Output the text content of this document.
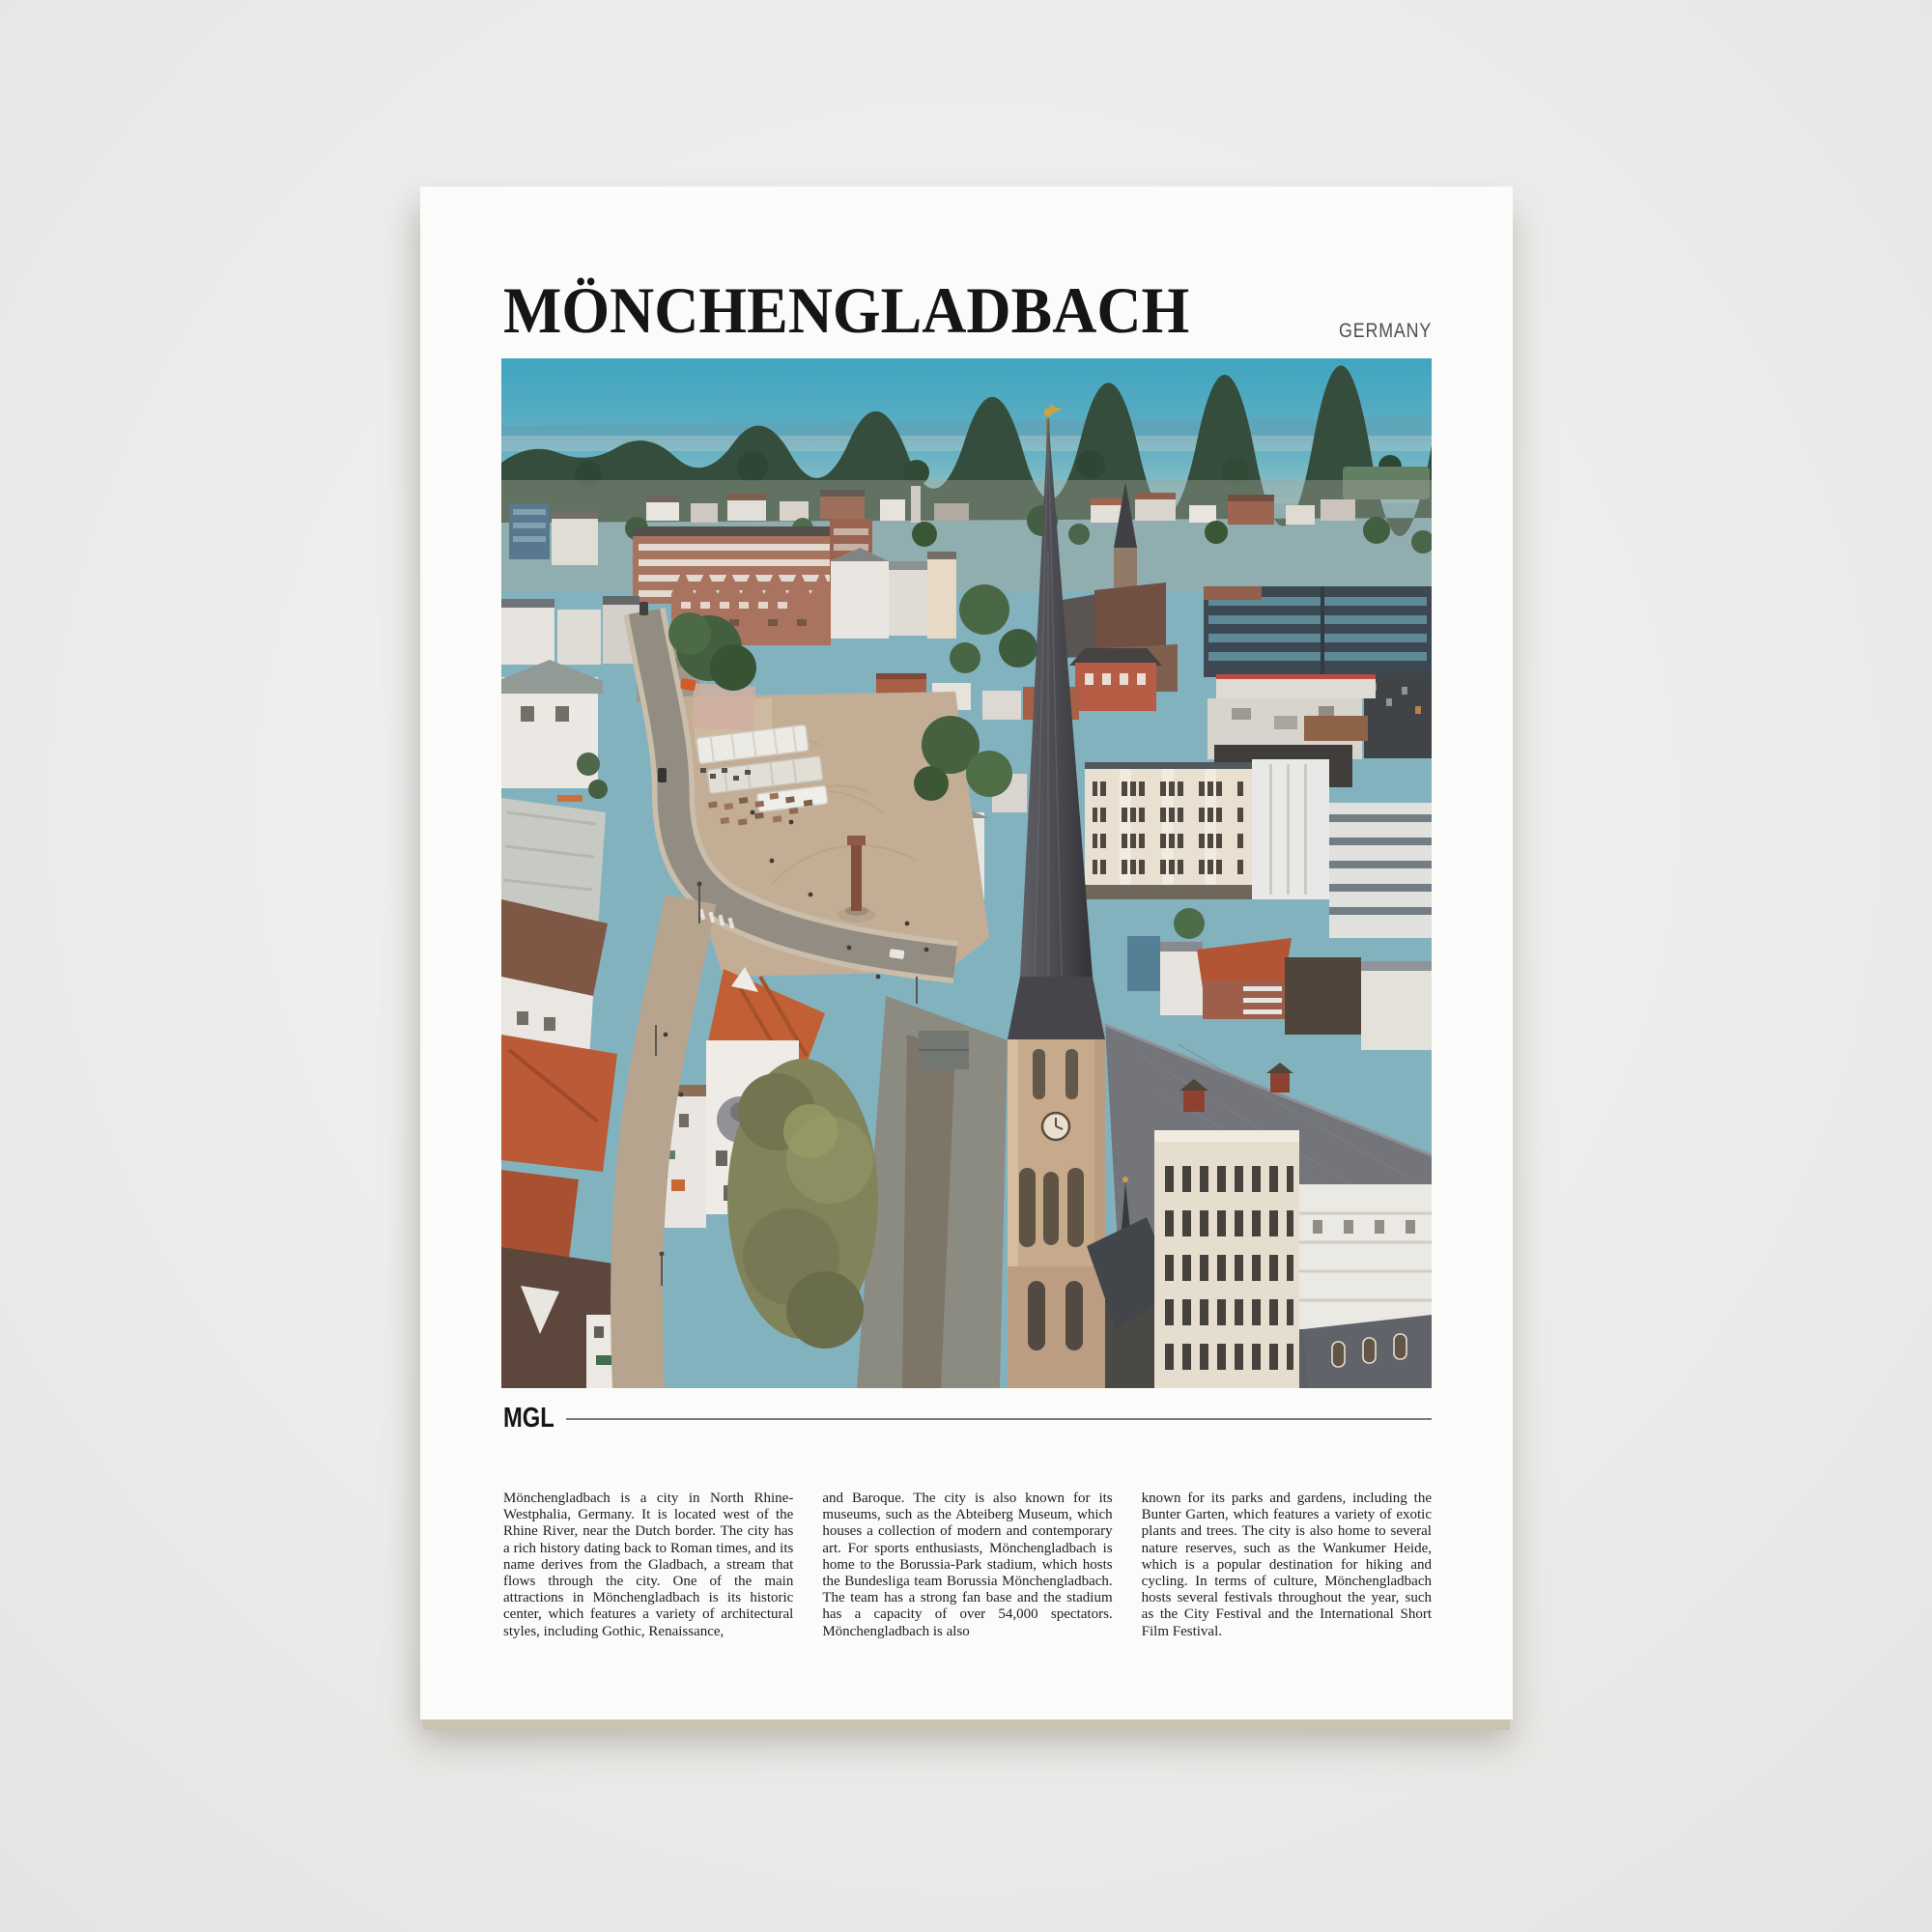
MÖNCHENGLADBACH	GERMANY
MGL

Mönchengladbach is a city in North Rhine-Westphalia, Germany. It is located west of the Rhine River, near the Dutch border. The city has a rich history dating back to Roman times, and its name derives from the Gladbach, a stream that flows through the city. One of the main attractions in Mönchengladbach is its historic center, which features a variety of architectural styles, including Gothic, Renaissance,

and Baroque. The city is also known for its museums, such as the Abteiberg Museum, which houses a collection of modern and contemporary art. For sports enthusiasts, Mönchengladbach is home to the Borussia-Park stadium, which hosts the Bundesliga team Borussia Mönchengladbach. The team has a strong fan base and the stadium has a capacity of over 54,000 spectators. Mönchengladbach is also

known for its parks and gardens, including the Bunter Garten, which features a variety of exotic plants and trees. The city is also home to several nature reserves, such as the Wankumer Heide, which is a popular destination for hiking and cycling. In terms of culture, Mönchengladbach hosts several festivals throughout the year, such as the City Festival and the International Short Film Festival.
